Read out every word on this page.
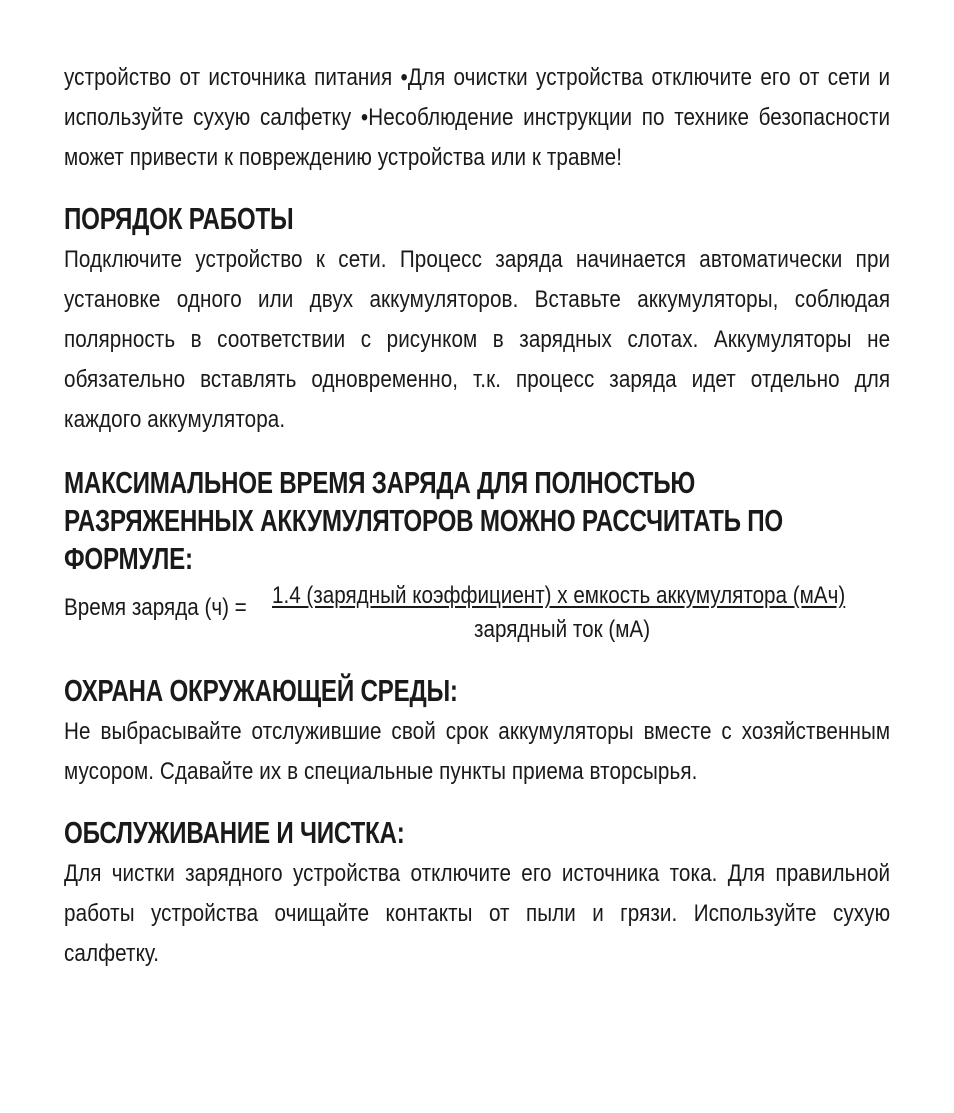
устройство от источника питания •Для очистки устройства отключите его от сети и используйте сухую салфетку •Несоблюдение инструкции по технике безопасности может привести к повреждению устройства или к травме!

ПОРЯДОК РАБОТЫ

Подключите устройство к сети. Процесс заряда начинается автоматически при установке одного или двух аккумуляторов. Вставьте аккумуляторы, соблюдая полярность в соответствии с рисунком в зарядных слотах. Аккумуляторы не обязательно вставлять одновременно, т.к. процесс заряда идет отдельно для каждого аккумулятора.

МАКСИМАЛЬНОЕ ВРЕМЯ ЗАРЯДА ДЛЯ ПОЛНОСТЬЮ РАЗРЯЖЕННЫХ АККУМУЛЯТОРОВ МОЖНО РАССЧИТАТЬ ПО ФОРМУЛЕ:
Время заряда (ч) = 1.4 (зарядный коэффициент) х емкость аккумулятора (мАч)
зарядный ток (мА)
ОХРАНА ОКРУЖАЮЩЕЙ СРЕДЫ:

Не выбрасывайте отслужившие свой срок аккумуляторы вместе с хозяйственным мусором. Сдавайте их в специальные пункты приема вторсырья.

ОБСЛУЖИВАНИЕ И ЧИСТКА:

Для чистки зарядного устройства отключите его источника тока. Для правильной работы устройства очищайте контакты от пыли и грязи. Используйте сухую салфетку.
